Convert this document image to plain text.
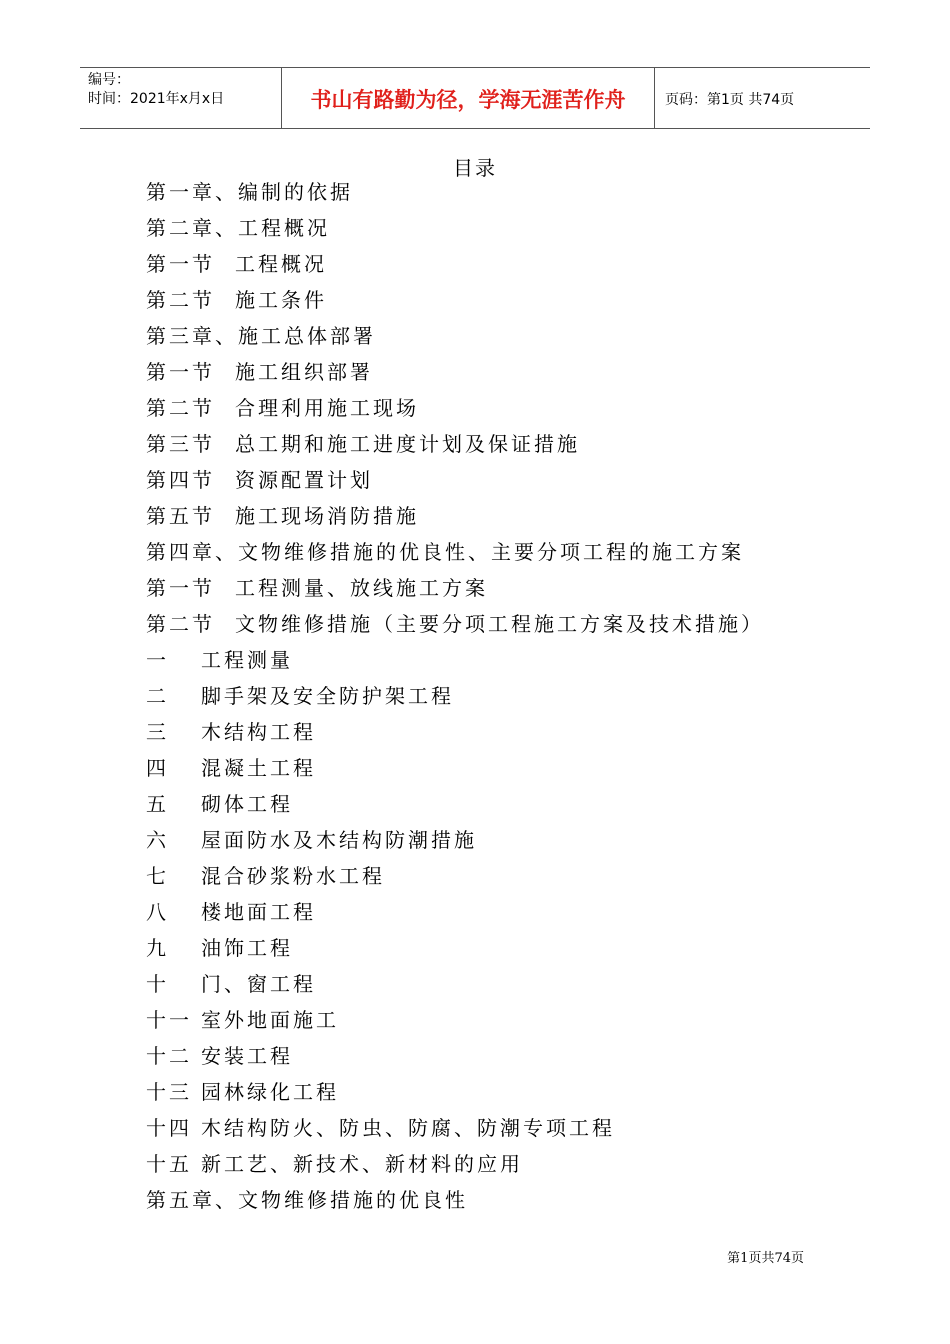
编号：
时间：2021年x月x日	书山有路勤为径，学海无涯苦作舟	页码：第1页 共74页
目录
第一章、 编制的依据
第二章、 工程概况
第一节	工程概况
第二节	施工条件
第三章、 施工总体部署
第一节	施工组织部署
第二节	合理利用施工现场
第三节	总工期和施工进度计划及保证措施
第四节	资源配置计划
第五节	施工现场消防措施
第四章、 文物维修措施的优良性、主要分项工程的施工方案
第一节	工程测量、放线施工方案
第二节	文物维修措施（主要分项工程施工方案及技术措施）
一	工程测量
二	脚手架及安全防护架工程
三	木结构工程
四	混凝土工程
五	砌体工程
六	屋面防水及木结构防潮措施
七	混合砂浆粉水工程
八	楼地面工程
九	油饰工程
十	门、窗工程
十一 室外地面施工
十二 安装工程
十三 园林绿化工程
十四 木结构防火、防虫、防腐、防潮专项工程
十五 新工艺、新技术、新材料的应用
第五章、 文物维修措施的优良性
第1页共74页
